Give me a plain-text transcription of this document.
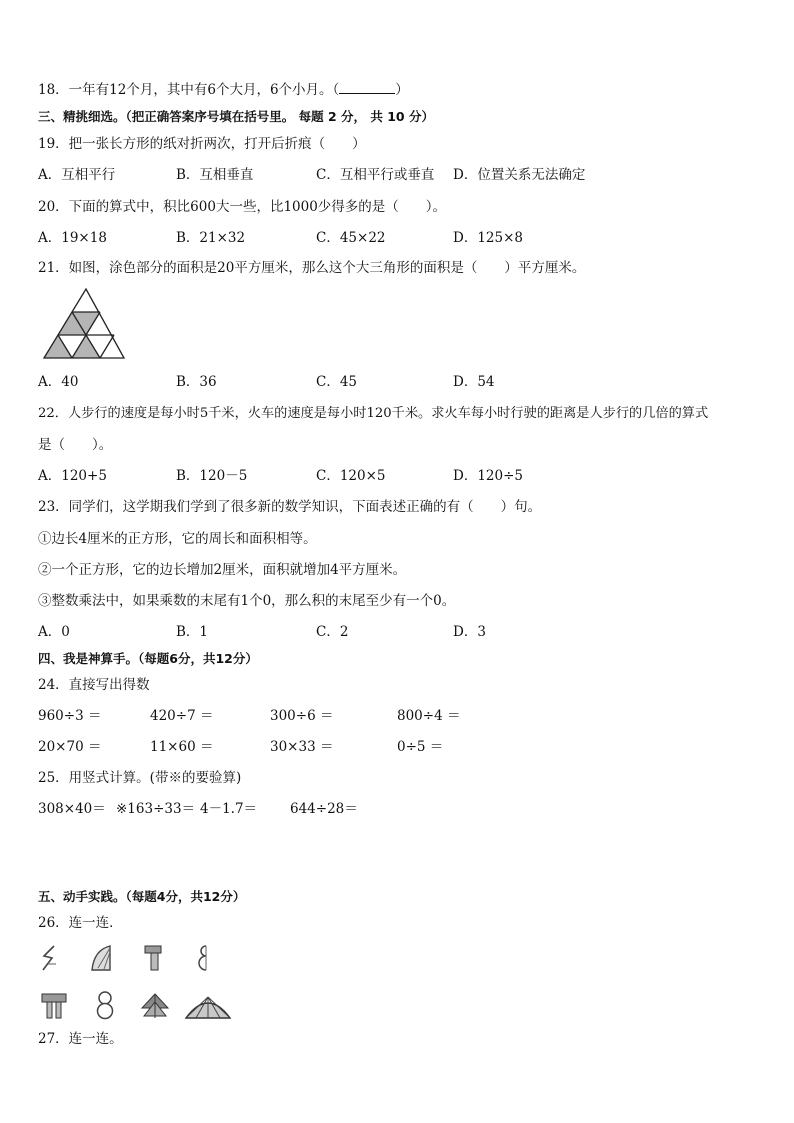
18．一年有12个月，其中有6个大月，6个小月。（	）
三、精挑细选。（把正确答案序号填在括号里。 每题 2 分， 共 10 分）
19．把一张长方形的纸对折两次，打开后折痕（　　）
A．互相平行	B．互相垂直	C．互相平行或垂直 D．位置关系无法确定
20．下面的算式中，积比600大一些，比1000少得多的是（　　）。
A．19×18	B．21×32	C．45×22	D．125×8
21．如图，涂色部分的面积是20平方厘米，那么这个大三角形的面积是（　　）平方厘米。
A．40	B．36	C．45	D．54
22．人步行的速度是每小时5千米，火车的速度是每小时120千米。求火车每小时行驶的距离是人步行的几倍的算式
是（　　）。
A．120+5	B．120－5	C．120×5	D．120÷5
23．同学们，这学期我们学到了很多新的数学知识，下面表述正确的有（　　）句。
①边长4厘米的正方形，它的周长和面积相等。
②一个正方形，它的边长增加2厘米，面积就增加4平方厘米。
③整数乘法中，如果乘数的末尾有1个0，那么积的末尾至少有一个0。
A．0	B．1	C．2	D．3
四、我是神算手。（每题6分，共12分）
24．直接写出得数
960÷3 ＝	420÷7 ＝	300÷6 ＝	800÷4 ＝
20×70 ＝	11×60 ＝	30×33 ＝	0÷5 ＝
25．用竖式计算。(带※的要验算)
308×40＝ ※163÷33＝ 4－1.7＝ 644÷28＝
五、动手实践。（每题4分，共12分）
26．连一连．
27．连一连。
